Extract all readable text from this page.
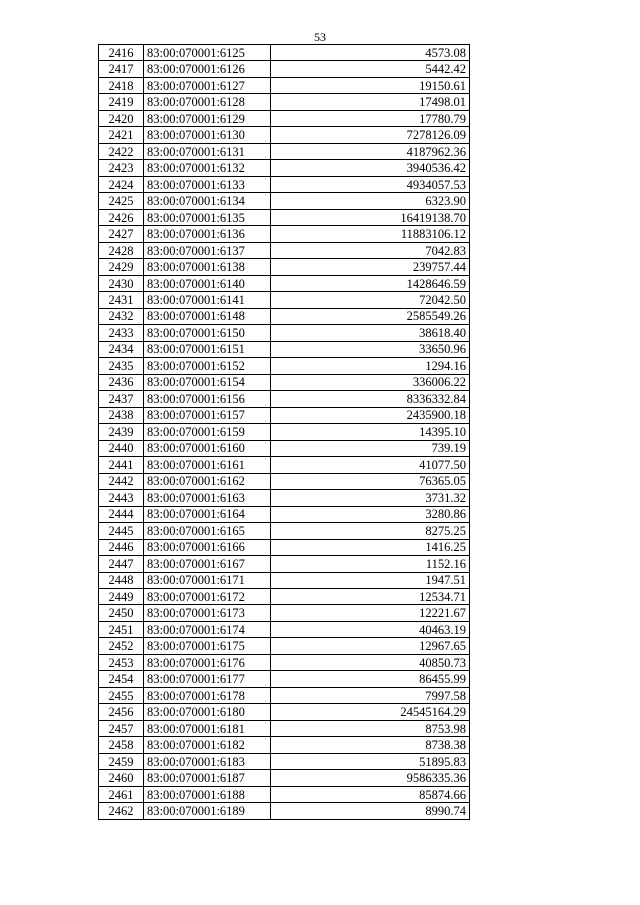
53
2416	83:00:070001:6125	4573.08
2417	83:00:070001:6126	5442.42
2418	83:00:070001:6127	19150.61
2419	83:00:070001:6128	17498.01
2420	83:00:070001:6129	17780.79
2421	83:00:070001:6130	7278126.09
2422	83:00:070001:6131	4187962.36
2423	83:00:070001:6132	3940536.42
2424	83:00:070001:6133	4934057.53
2425	83:00:070001:6134	6323.90
2426	83:00:070001:6135	16419138.70
2427	83:00:070001:6136	11883106.12
2428	83:00:070001:6137	7042.83
2429	83:00:070001:6138	239757.44
2430	83:00:070001:6140	1428646.59
2431	83:00:070001:6141	72042.50
2432	83:00:070001:6148	2585549.26
2433	83:00:070001:6150	38618.40
2434	83:00:070001:6151	33650.96
2435	83:00:070001:6152	1294.16
2436	83:00:070001:6154	336006.22
2437	83:00:070001:6156	8336332.84
2438	83:00:070001:6157	2435900.18
2439	83:00:070001:6159	14395.10
2440	83:00:070001:6160	739.19
2441	83:00:070001:6161	41077.50
2442	83:00:070001:6162	76365.05
2443	83:00:070001:6163	3731.32
2444	83:00:070001:6164	3280.86
2445	83:00:070001:6165	8275.25
2446	83:00:070001:6166	1416.25
2447	83:00:070001:6167	1152.16
2448	83:00:070001:6171	1947.51
2449	83:00:070001:6172	12534.71
2450	83:00:070001:6173	12221.67
2451	83:00:070001:6174	40463.19
2452	83:00:070001:6175	12967.65
2453	83:00:070001:6176	40850.73
2454	83:00:070001:6177	86455.99
2455	83:00:070001:6178	7997.58
2456	83:00:070001:6180	24545164.29
2457	83:00:070001:6181	8753.98
2458	83:00:070001:6182	8738.38
2459	83:00:070001:6183	51895.83
2460	83:00:070001:6187	9586335.36
2461	83:00:070001:6188	85874.66
2462	83:00:070001:6189	8990.74
